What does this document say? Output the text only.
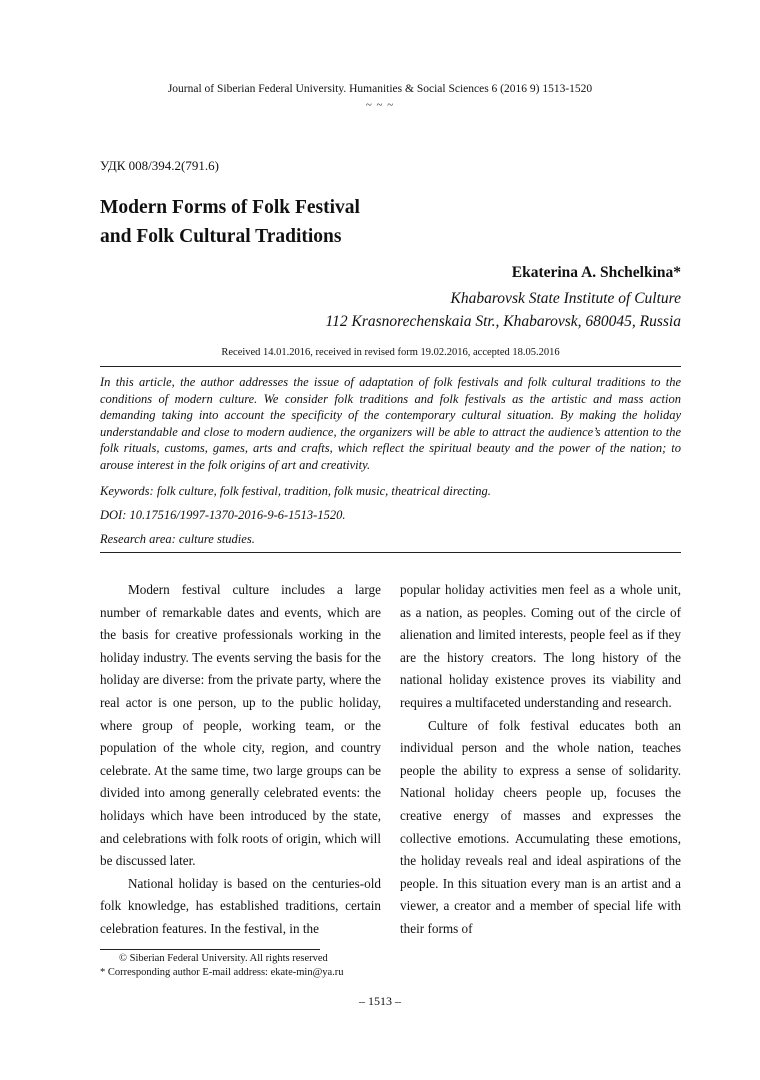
Journal of Siberian Federal University. Humanities & Social Sciences 6 (2016 9) 1513-1520
~ ~ ~
УДК 008/394.2(791.6)
Modern Forms of Folk Festival
and Folk Cultural Traditions
Ekaterina A. Shchelkina*
Khabarovsk State Institute of Culture
112 Krasnorechenskaia Str., Khabarovsk, 680045, Russia
Received 14.01.2016, received in revised form 19.02.2016, accepted 18.05.2016
In this article, the author addresses the issue of adaptation of folk festivals and folk cultural traditions to the conditions of modern culture. We consider folk traditions and folk festivals as the artistic and mass action demanding taking into account the specificity of the contemporary cultural situation. By making the holiday understandable and close to modern audience, the organizers will be able to attract the audience’s attention to the folk rituals, customs, games, arts and crafts, which reflect the spiritual beauty and the power of the nation; to arouse interest in the folk origins of art and creativity.
Keywords: folk culture, folk festival, tradition, folk music, theatrical directing.
DOI: 10.17516/1997-1370-2016-9-6-1513-1520.
Research area: culture studies.

Modern festival culture includes a large number of remarkable dates and events, which are the basis for creative professionals working in the holiday industry. The events serving the basis for the holiday are diverse: from the private party, where the real actor is one person, up to the public holiday, where group of people, working team, or the population of the whole city, region, and country celebrate. At the same time, two large groups can be divided into among generally celebrated events: the holidays which have been introduced by the state, and celebrations with folk roots of origin, which will be discussed later.

National holiday is based on the centuries-old folk knowledge, has established traditions, certain celebration features. In the festival, in the

popular holiday activities men feel as a whole unit, as a nation, as peoples. Coming out of the circle of alienation and limited interests, people feel as if they are the history creators. The long history of the national holiday existence proves its viability and requires a multifaceted understanding and research.

Culture of folk festival educates both an individual person and the whole nation, teaches people the ability to express a sense of solidarity. National holiday cheers people up, focuses the creative energy of masses and expresses the collective emotions. Accumulating these emotions, the holiday reveals real and ideal aspirations of the people. In this situation every man is an artist and a viewer, a creator and a member of special life with their forms of

© Siberian Federal University. All rights reserved
* Corresponding author E-mail address: ekate-min@ya.ru
– 1513 –
